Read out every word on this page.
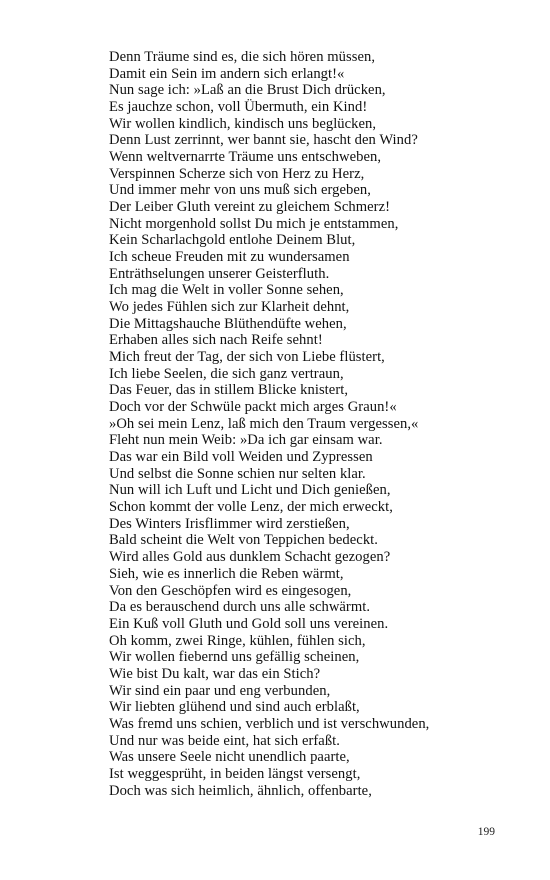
Denn Träume sind es, die sich hören müssen,
Damit ein Sein im andern sich erlangt!«
Nun sage ich: »Laß an die Brust Dich drücken,
Es jauchze schon, voll Übermuth, ein Kind!
Wir wollen kindlich, kindisch uns beglücken,
Denn Lust zerrinnt, wer bannt sie, hascht den Wind?
Wenn weltvernarrte Träume uns entschweben,
Verspinnen Scherze sich von Herz zu Herz,
Und immer mehr von uns muß sich ergeben,
Der Leiber Gluth vereint zu gleichem Schmerz!
Nicht morgenhold sollst Du mich je entstammen,
Kein Scharlachgold entlohe Deinem Blut,
Ich scheue Freuden mit zu wundersamen
Enträthselungen unserer Geisterfluth.
Ich mag die Welt in voller Sonne sehen,
Wo jedes Fühlen sich zur Klarheit dehnt,
Die Mittagshauche Blüthendüfte wehen,
Erhaben alles sich nach Reife sehnt!
Mich freut der Tag, der sich von Liebe flüstert,
Ich liebe Seelen, die sich ganz vertraun,
Das Feuer, das in stillem Blicke knistert,
Doch vor der Schwüle packt mich arges Graun!«
»Oh sei mein Lenz, laß mich den Traum vergessen,«
Fleht nun mein Weib: »Da ich gar einsam war.
Das war ein Bild voll Weiden und Zypressen
Und selbst die Sonne schien nur selten klar.
Nun will ich Luft und Licht und Dich genießen,
Schon kommt der volle Lenz, der mich erweckt,
Des Winters Irisflimmer wird zerstießen,
Bald scheint die Welt von Teppichen bedeckt.
Wird alles Gold aus dunklem Schacht gezogen?
Sieh, wie es innerlich die Reben wärmt,
Von den Geschöpfen wird es eingesogen,
Da es berauschend durch uns alle schwärmt.
Ein Kuß voll Gluth und Gold soll uns vereinen.
Oh komm, zwei Ringe, kühlen, fühlen sich,
Wir wollen fiebernd uns gefällig scheinen,
Wie bist Du kalt, war das ein Stich?
Wir sind ein paar und eng verbunden,
Wir liebten glühend und sind auch erblaßt,
Was fremd uns schien, verblich und ist verschwunden,
Und nur was beide eint, hat sich erfaßt.
Was unsere Seele nicht unendlich paarte,
Ist weggesprüht, in beiden längst versengt,
Doch was sich heimlich, ähnlich, offenbarte,
199
